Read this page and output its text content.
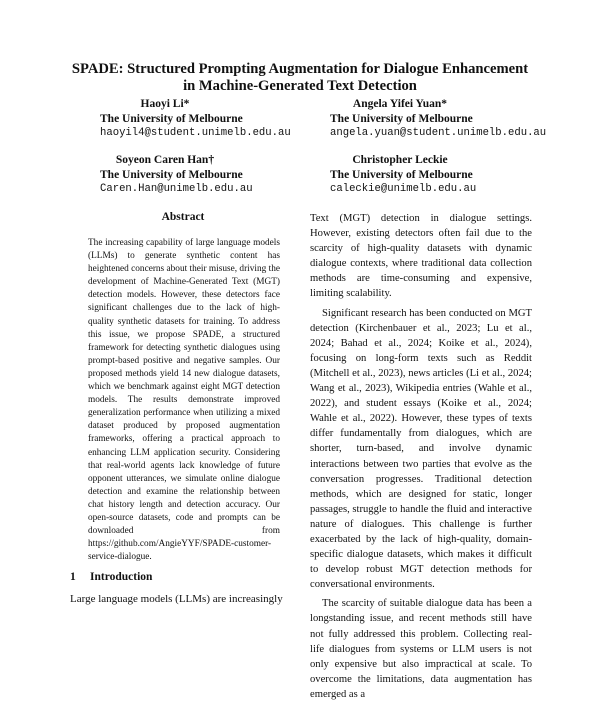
SPADE: Structured Prompting Augmentation for Dialogue Enhancement
in Machine-Generated Text Detection
Haoyi Li*
The University of Melbourne
haoyil4@student.unimelb.edu.au
Angela Yifei Yuan*
The University of Melbourne
angela.yuan@student.unimelb.edu.au
Soyeon Caren Han†
The University of Melbourne
Caren.Han@unimelb.edu.au
Christopher Leckie
The University of Melbourne
caleckie@unimelb.edu.au
Abstract

The increasing capability of large language models (LLMs) to generate synthetic content has heightened concerns about their misuse, driving the development of Machine-Generated Text (MGT) detection models. However, these detectors face significant challenges due to the lack of high-quality synthetic datasets for training. To address this issue, we propose SPADE, a structured framework for detecting synthetic dialogues using prompt-based positive and negative samples. Our proposed methods yield 14 new dialogue datasets, which we benchmark against eight MGT detection models. The results demonstrate improved generalization performance when utilizing a mixed dataset produced by proposed augmentation frameworks, offering a practical approach to enhancing LLM application security. Considering that real-world agents lack knowledge of future opponent utterances, we simulate online dialogue detection and examine the relationship between chat history length and detection accuracy. Our open-source datasets, code and prompts can be downloaded from https://github.com/AngieYYF/SPADE-customer-service-dialogue.

1 Introduction
Large language models (LLMs) are increasingly

Text (MGT) detection in dialogue settings. However, existing detectors often fail due to the scarcity of high-quality datasets with dynamic dialogue contexts, where traditional data collection methods are time-consuming and expensive, limiting scalability.

Significant research has been conducted on MGT detection (Kirchenbauer et al., 2023; Lu et al., 2024; Bahad et al., 2024; Koike et al., 2024), focusing on long-form texts such as Reddit (Mitchell et al., 2023), news articles (Li et al., 2024; Wang et al., 2023), Wikipedia entries (Wahle et al., 2022), and student essays (Koike et al., 2024; Wahle et al., 2022). However, these types of texts differ fundamentally from dialogues, which are shorter, turn-based, and involve dynamic interactions between two parties that evolve as the conversation progresses. Traditional detection methods, which are designed for static, longer passages, struggle to handle the fluid and interactive nature of dialogues. This challenge is further exacerbated by the lack of high-quality, domain-specific dialogue datasets, which makes it difficult to develop robust MGT detection methods for conversational environments.

The scarcity of suitable dialogue data has been a longstanding issue, and recent methods still have not fully addressed this problem. Collecting real-life dialogues from systems or LLM users is not only expensive but also impractical at scale. To overcome the limitations, data augmentation has emerged as a
